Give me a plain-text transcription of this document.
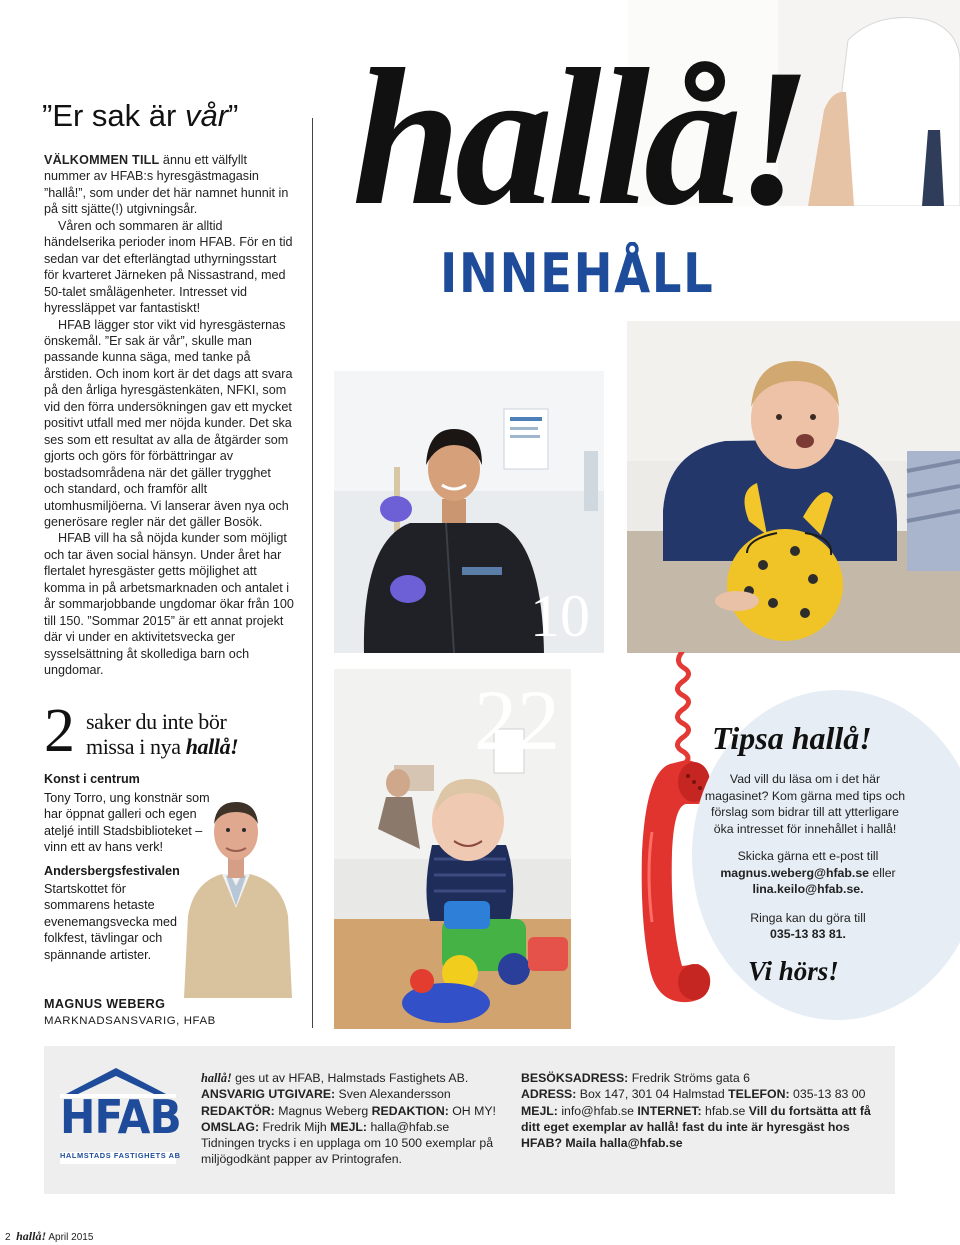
”Er sak är vår”

VÄLKOMMEN TILL ännu ett välfyllt nummer av HFAB:s hyresgästmagasin ”hallå!”, som under det här namnet hunnit in på sitt sjätte(!) utgivningsår.

Våren och sommaren är alltid händelserika perioder inom HFAB. För en tid sedan var det efterlängtad uthyrningsstart för kvarteret Järneken på Nissastrand, med 50-talet smålägenheter. Intresset vid hyressläppet var fantastiskt!

HFAB lägger stor vikt vid hyresgästernas önskemål. ”Er sak är vår”, skulle man passande kunna säga, med tanke på årstiden. Och inom kort är det dags att svara på den årliga hyresgästenkäten, NFKI, som vid den förra undersökningen gav ett mycket positivt utfall med mer nöjda kunder. Det ska ses som ett resultat av alla de åtgärder som gjorts och görs för förbättringar av bostadsområdena när det gäller trygghet och standard, och framför allt utomhusmiljöerna. Vi lanserar även nya och generösare regler när det gäller Bosök.

HFAB vill ha så nöjda kunder som möjligt och tar även social hänsyn. Under året har flertalet hyresgäster getts möjlighet att komma in på arbetsmarknaden och antalet i år sommarjobbande ungdomar ökar från 100 till 150. ”Sommar 2015” är ett annat projekt där vi under en aktivitetsvecka ger sysselsättning åt skollediga barn och ungdomar.

2 saker du inte bör
missa i nya hallå!
Konst i centrum
Tony Torro, ung konstnär som har öppnat galleri och egen ateljé intill Stadsbiblioteket – vinn ett av hans verk!
Andersbergsfestivalen
Startskottet för sommarens hetaste evenemangsvecka med folkfest, tävlingar och spännande artister.
MAGNUS WEBERG
MARKNADSANSVARIG, HFAB
hallå!
INNEHÅLL
10
22	Tipsa hallå!
Vad vill du läsa om i det här magasinet? Kom gärna med tips och förslag som bidrar till att ytterligare öka intresset för innehållet i hallå!
Skicka gärna ett e-post till
magnus.weberg@hfab.se eller
lina.keilo@hfab.se.
Ringa kan du göra till
035-13 83 81.
Vi hörs!
HFAB
HALMSTADS FASTIGHETS AB
hallå! ges ut av HFAB, Halmstads Fastighets AB.
ANSVARIG UTGIVARE: Sven Alexandersson
REDAKTÖR: Magnus Weberg REDAKTION: OH MY!
OMSLAG: Fredrik Mijh MEJL: halla@hfab.se
Tidningen trycks i en upplaga om 10 500 exemplar på miljögodkänt papper av Printografen.
BESÖKSADRESS: Fredrik Ströms gata 6
ADRESS: Box 147, 301 04 Halmstad TELEFON: 035-13 83 00
MEJL: info@hfab.se INTERNET: hfab.se Vill du fortsätta att få ditt eget exemplar av hallå! fast du inte är hyresgäst hos HFAB? Maila halla@hfab.se
2 hallå! April 2015
